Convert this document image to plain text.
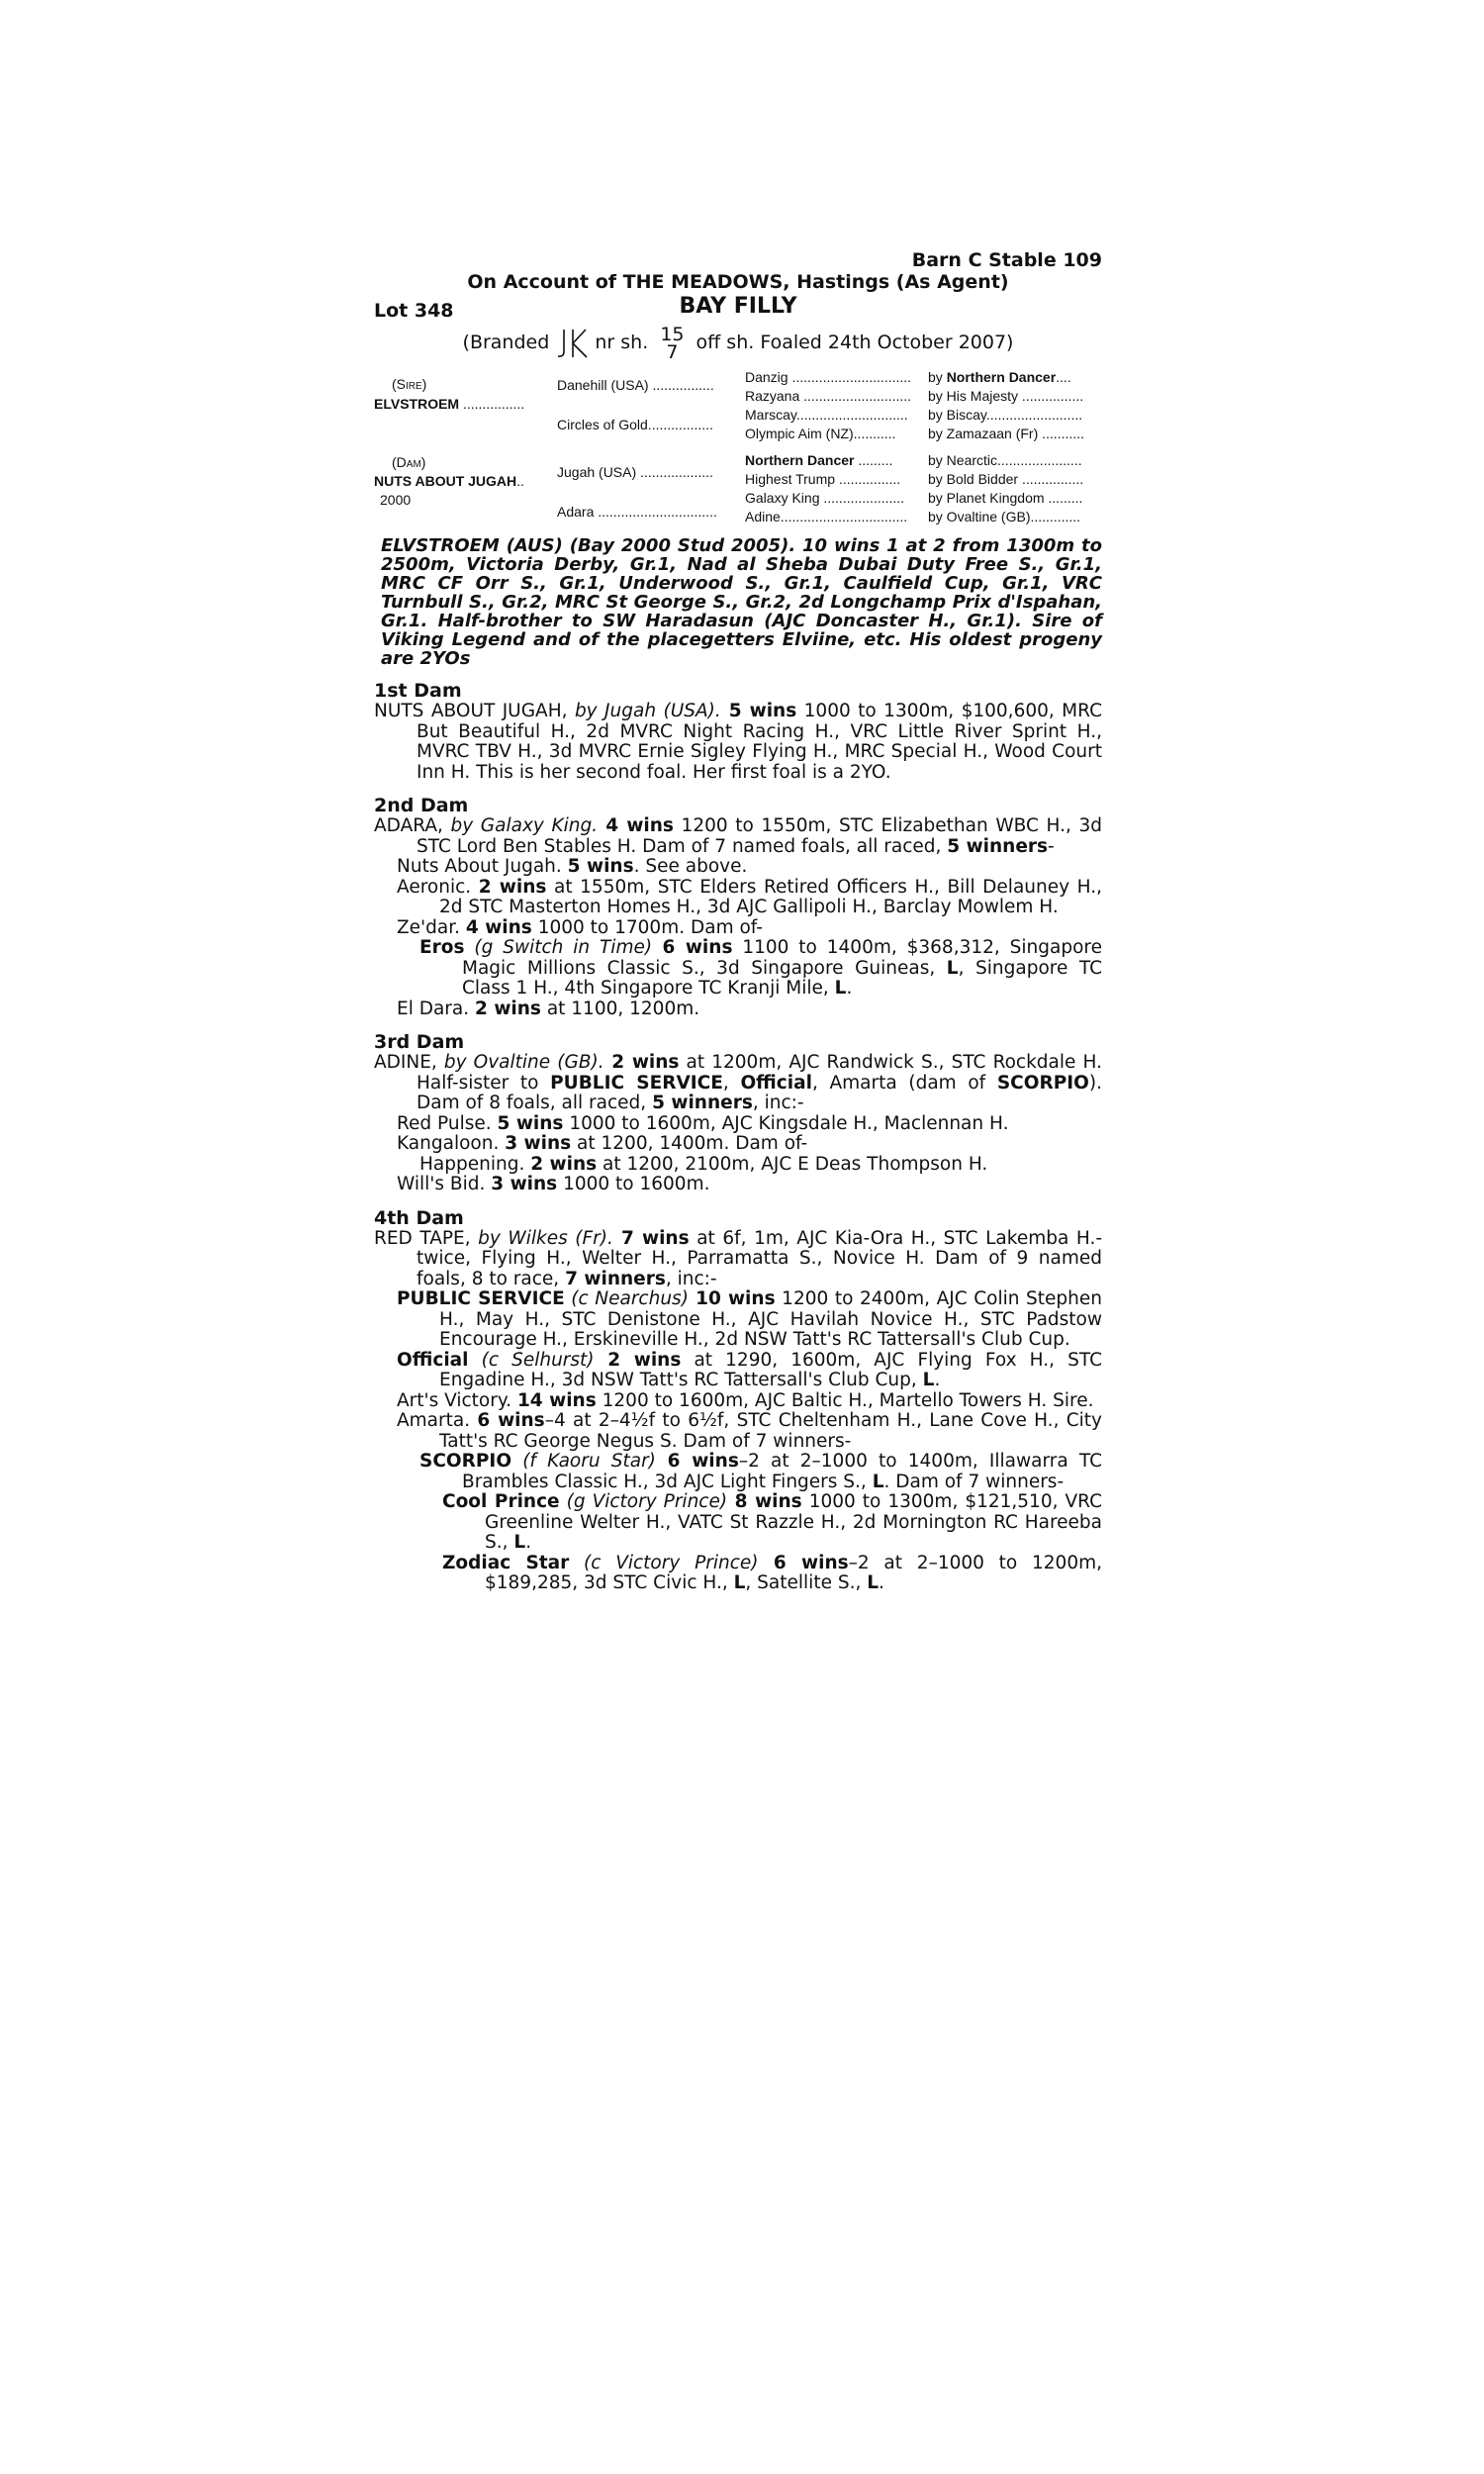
Barn C Stable 109
On Account of THE MEADOWS, Hastings (As Agent)
Lot 348	BAY FILLY
(Branded nr sh. 15
7 off sh. Foaled 24th October 2007)
(Sire)
ELVSTROEM ................
(Dam)
NUTS ABOUT JUGAH..
2000
Danehill (USA) ................
Circles of Gold.................
Jugah (USA) ...................
Adara ...............................
Danzig ...............................
Razyana ............................
Marscay.............................
Olympic Aim (NZ)...........
Northern Dancer .........
Highest Trump ................
Galaxy King .....................
Adine.................................
by Northern Dancer....
by His Majesty ................
by Biscay.........................
by Zamazaan (Fr) ...........
by Nearctic......................
by Bold Bidder ................
by Planet Kingdom .........
by Ovaltine (GB).............

ELVSTROEM (AUS) (Bay 2000 Stud 2005). 10 wins 1 at 2 from 1300m to 2500m, Victoria Derby, Gr.1, Nad al Sheba Dubai Duty Free S., Gr.1, MRC CF Orr S., Gr.1, Underwood S., Gr.1, Caulfield Cup, Gr.1, VRC Turnbull S., Gr.2, MRC St George S., Gr.2, 2d Longchamp Prix d'Ispahan, Gr.1. Half-brother to SW Haradasun (AJC Doncaster H., Gr.1). Sire of Viking Legend and of the placegetters Elviine, etc. His oldest progeny are 2YOs

1st Dam

NUTS ABOUT JUGAH, by Jugah (USA). 5 wins 1000 to 1300m, $100,600, MRC But Beautiful H., 2d MVRC Night Racing H., VRC Little River Sprint H., MVRC TBV H., 3d MVRC Ernie Sigley Flying H., MRC Special H., Wood Court Inn H. This is her second foal. Her first foal is a 2YO.

2nd Dam

ADARA, by Galaxy King. 4 wins 1200 to 1550m, STC Elizabethan WBC H., 3d STC Lord Ben Stables H. Dam of 7 named foals, all raced, 5 winners-

Nuts About Jugah. 5 wins. See above.

Aeronic. 2 wins at 1550m, STC Elders Retired Officers H., Bill Delauney H., 2d STC Masterton Homes H., 3d AJC Gallipoli H., Barclay Mowlem H.

Ze'dar. 4 wins 1000 to 1700m. Dam of-

Eros (g Switch in Time) 6 wins 1100 to 1400m, $368,312, Singapore Magic Millions Classic S., 3d Singapore Guineas, L, Singapore TC Class 1 H., 4th Singapore TC Kranji Mile, L.

El Dara. 2 wins at 1100, 1200m.

3rd Dam

ADINE, by Ovaltine (GB). 2 wins at 1200m, AJC Randwick S., STC Rockdale H. Half-sister to PUBLIC SERVICE, Official, Amarta (dam of SCORPIO). Dam of 8 foals, all raced, 5 winners, inc:-

Red Pulse. 5 wins 1000 to 1600m, AJC Kingsdale H., Maclennan H.

Kangaloon. 3 wins at 1200, 1400m. Dam of-

Happening. 2 wins at 1200, 2100m, AJC E Deas Thompson H.

Will's Bid. 3 wins 1000 to 1600m.

4th Dam

RED TAPE, by Wilkes (Fr). 7 wins at 6f, 1m, AJC Kia-Ora H., STC Lakemba H.-twice, Flying H., Welter H., Parramatta S., Novice H. Dam of 9 named foals, 8 to race, 7 winners, inc:-

PUBLIC SERVICE (c Nearchus) 10 wins 1200 to 2400m, AJC Colin Stephen H., May H., STC Denistone H., AJC Havilah Novice H., STC Padstow Encourage H., Erskineville H., 2d NSW Tatt's RC Tattersall's Club Cup.

Official (c Selhurst) 2 wins at 1290, 1600m, AJC Flying Fox H., STC Engadine H., 3d NSW Tatt's RC Tattersall's Club Cup, L.

Art's Victory. 14 wins 1200 to 1600m, AJC Baltic H., Martello Towers H. Sire.

Amarta. 6 wins–4 at 2–4½f to 6½f, STC Cheltenham H., Lane Cove H., City Tatt's RC George Negus S. Dam of 7 winners-

SCORPIO (f Kaoru Star) 6 wins–2 at 2–1000 to 1400m, Illawarra TC Brambles Classic H., 3d AJC Light Fingers S., L. Dam of 7 winners-

Cool Prince (g Victory Prince) 8 wins 1000 to 1300m, $121,510, VRC Greenline Welter H., VATC St Razzle H., 2d Mornington RC Hareeba S., L.

Zodiac Star (c Victory Prince) 6 wins–2 at 2–1000 to 1200m, $189,285, 3d STC Civic H., L, Satellite S., L.
